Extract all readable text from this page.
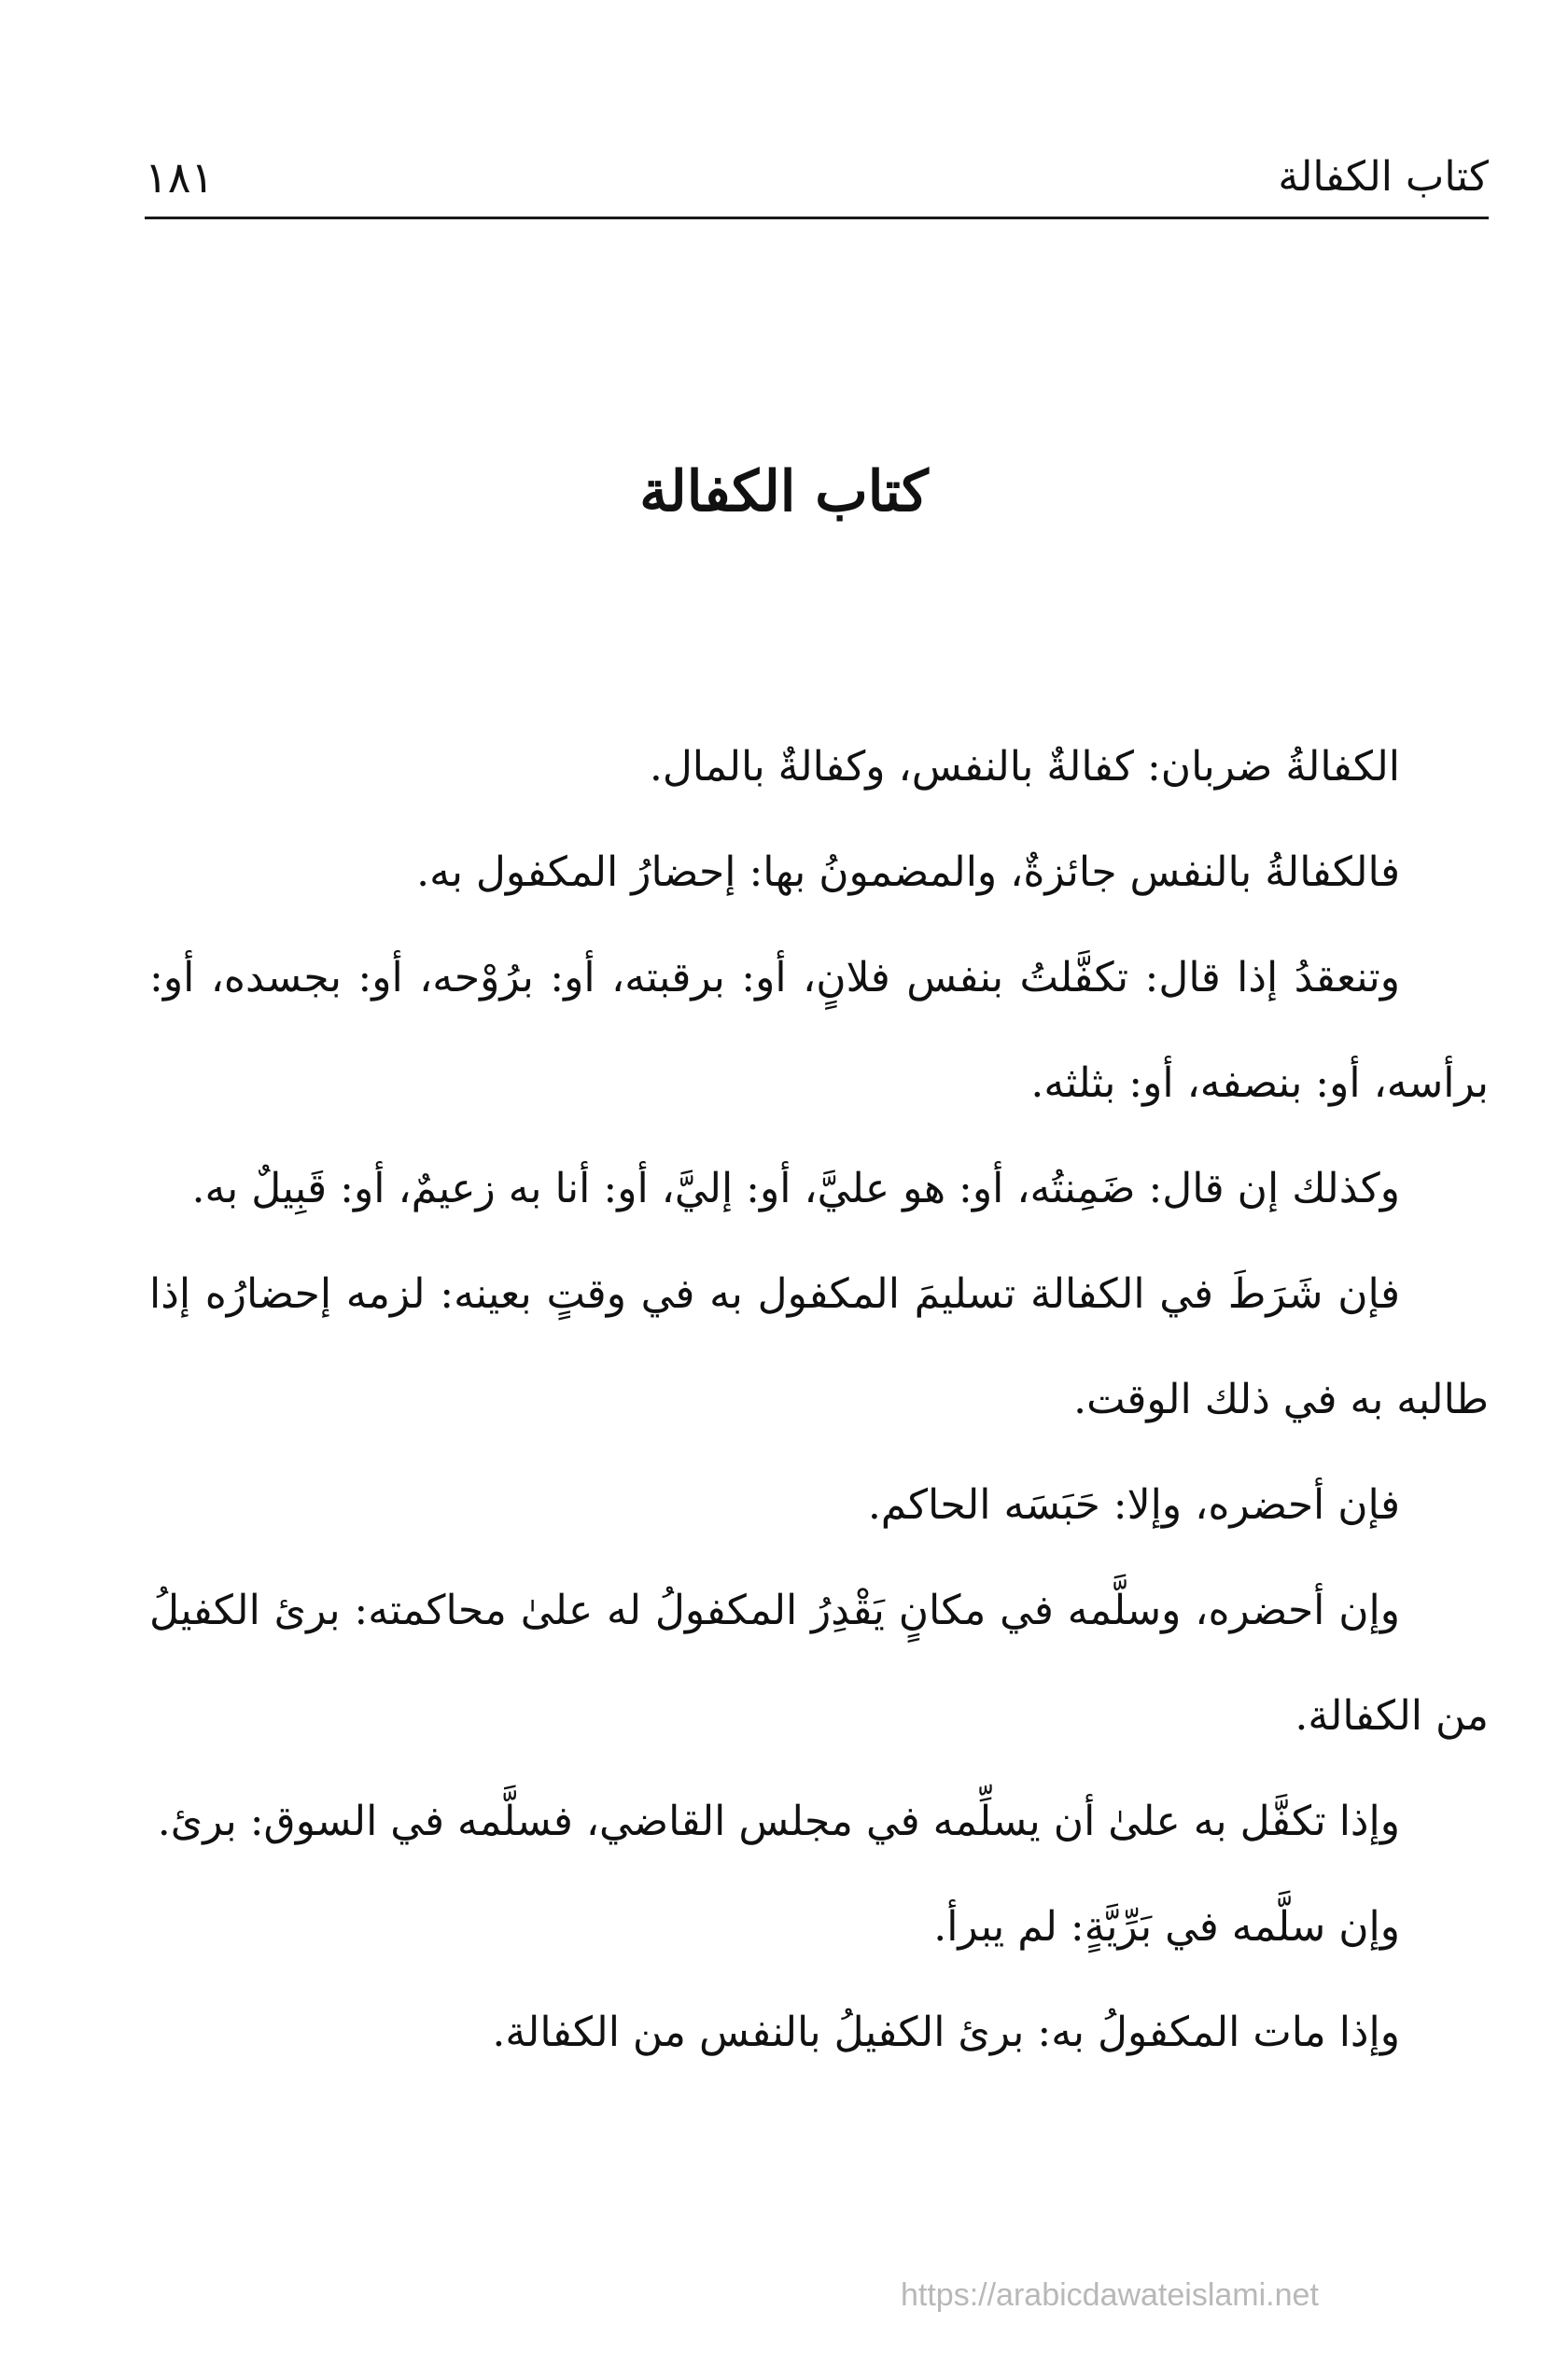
كتاب الكفالة
١٨١
كتاب الكفالة

الكفالةُ ضربان: كفالةٌ بالنفس، وكفالةٌ بالمال.

فالكفالةُ بالنفس جائزةٌ، والمضمونُ بها: إحضارُ المكفول به.

وتنعقدُ إذا قال: تكفَّلتُ بنفس فلانٍ، أو: برقبته، أو: برُوْحه، أو: بجسده، أو: برأسه، أو: بنصفه، أو: بثلثه.

وكذلك إن قال: ضَمِنتُه، أو: هو عليَّ، أو: إليَّ، أو: أنا به زعيمٌ، أو: قَبِيلٌ به.

فإن شَرَطَ في الكفالة تسليمَ المكفول به في وقتٍ بعينه: لزمه إحضارُه إذا طالبه به في ذلك الوقت.

فإن أحضره، وإلا: حَبَسَه الحاكم.

وإن أحضره، وسلَّمه في مكانٍ يَقْدِرُ المكفولُ له علىٰ محاكمته: برئ الكفيلُ من الكفالة.

وإذا تكفَّل به علىٰ أن يسلِّمه في مجلس القاضي، فسلَّمه في السوق: برئ.

وإن سلَّمه في بَرِّيَّةٍ: لم يبرأ.

وإذا مات المكفولُ به: برئ الكفيلُ بالنفس من الكفالة.

https://arabicdawateislami.net
